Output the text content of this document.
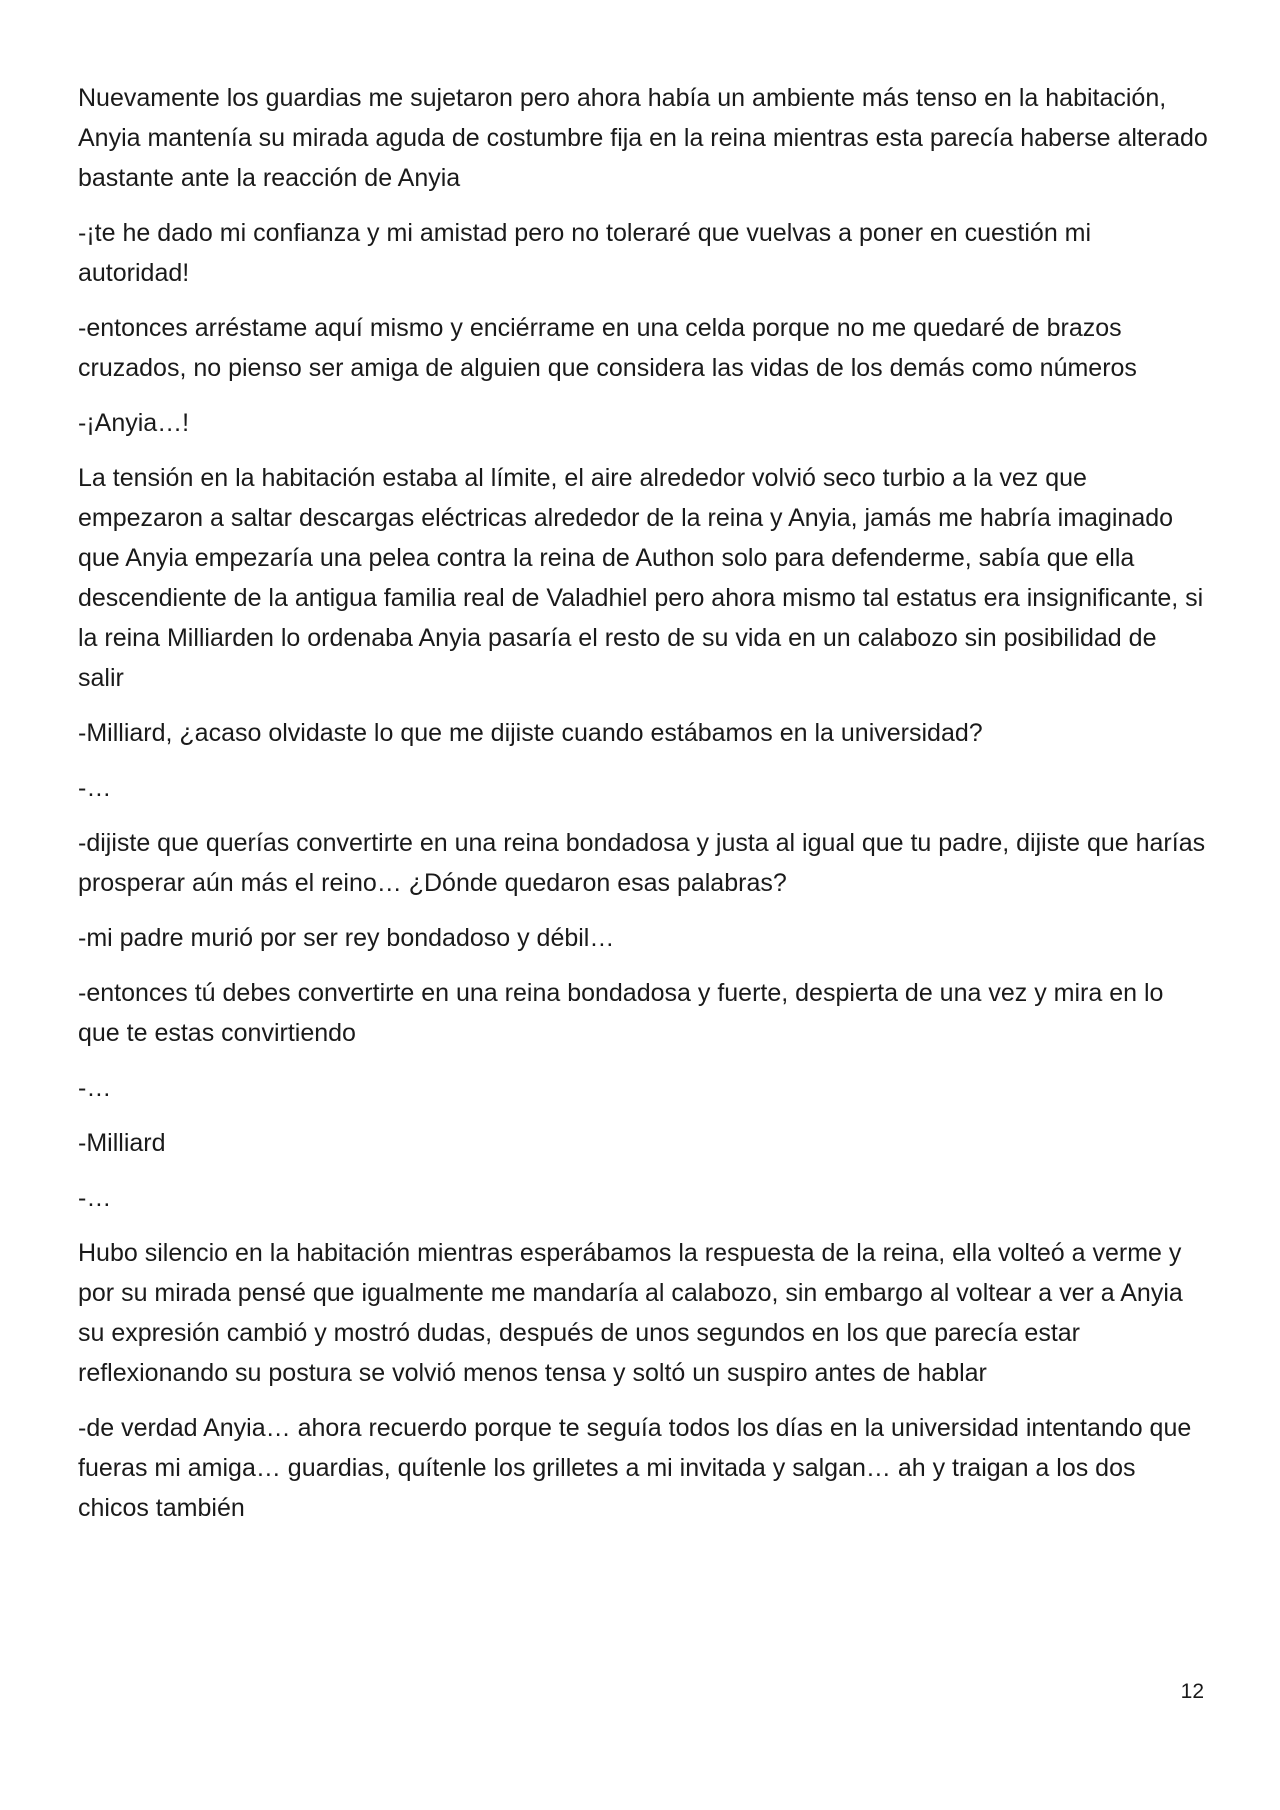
Nuevamente los guardias me sujetaron pero ahora había un ambiente más tenso en la habitación, Anyia mantenía su mirada aguda de costumbre fija en la reina mientras esta parecía haberse alterado bastante ante la reacción de Anyia

-¡te he dado mi confianza y mi amistad pero no toleraré que vuelvas a poner en cuestión mi autoridad!

-entonces arréstame aquí mismo y enciérrame en una celda porque no me quedaré de brazos cruzados, no pienso ser amiga de alguien que considera las vidas de los demás como números

-¡Anyia…!

La tensión en la habitación estaba al límite, el aire alrededor volvió seco turbio a la vez que empezaron a saltar descargas eléctricas alrededor de la reina y Anyia, jamás me habría imaginado que Anyia empezaría una pelea contra la reina de Authon solo para defenderme, sabía que ella descendiente de la antigua familia real de Valadhiel pero ahora mismo tal estatus era insignificante, si la reina Milliarden lo ordenaba Anyia pasaría el resto de su vida en un calabozo sin posibilidad de salir

-Milliard, ¿acaso olvidaste lo que me dijiste cuando estábamos en la universidad?

-…

-dijiste que querías convertirte en una reina bondadosa y justa al igual que tu padre, dijiste que harías prosperar aún más el reino… ¿Dónde quedaron esas palabras?

-mi padre murió por ser rey bondadoso y débil…

-entonces tú debes convertirte en una reina bondadosa y fuerte, despierta de una vez y mira en lo que te estas convirtiendo

-…

-Milliard

-…

Hubo silencio en la habitación mientras esperábamos la respuesta de la reina, ella volteó a verme y por su mirada pensé que igualmente me mandaría al calabozo, sin embargo al voltear a ver a Anyia su expresión cambió y mostró dudas, después de unos segundos en los que parecía estar reflexionando su postura se volvió menos tensa y soltó un suspiro antes de hablar

-de verdad Anyia… ahora recuerdo porque te seguía todos los días en la universidad intentando que fueras mi amiga… guardias, quítenle los grilletes a mi invitada y salgan… ah y traigan a los dos chicos también

12
